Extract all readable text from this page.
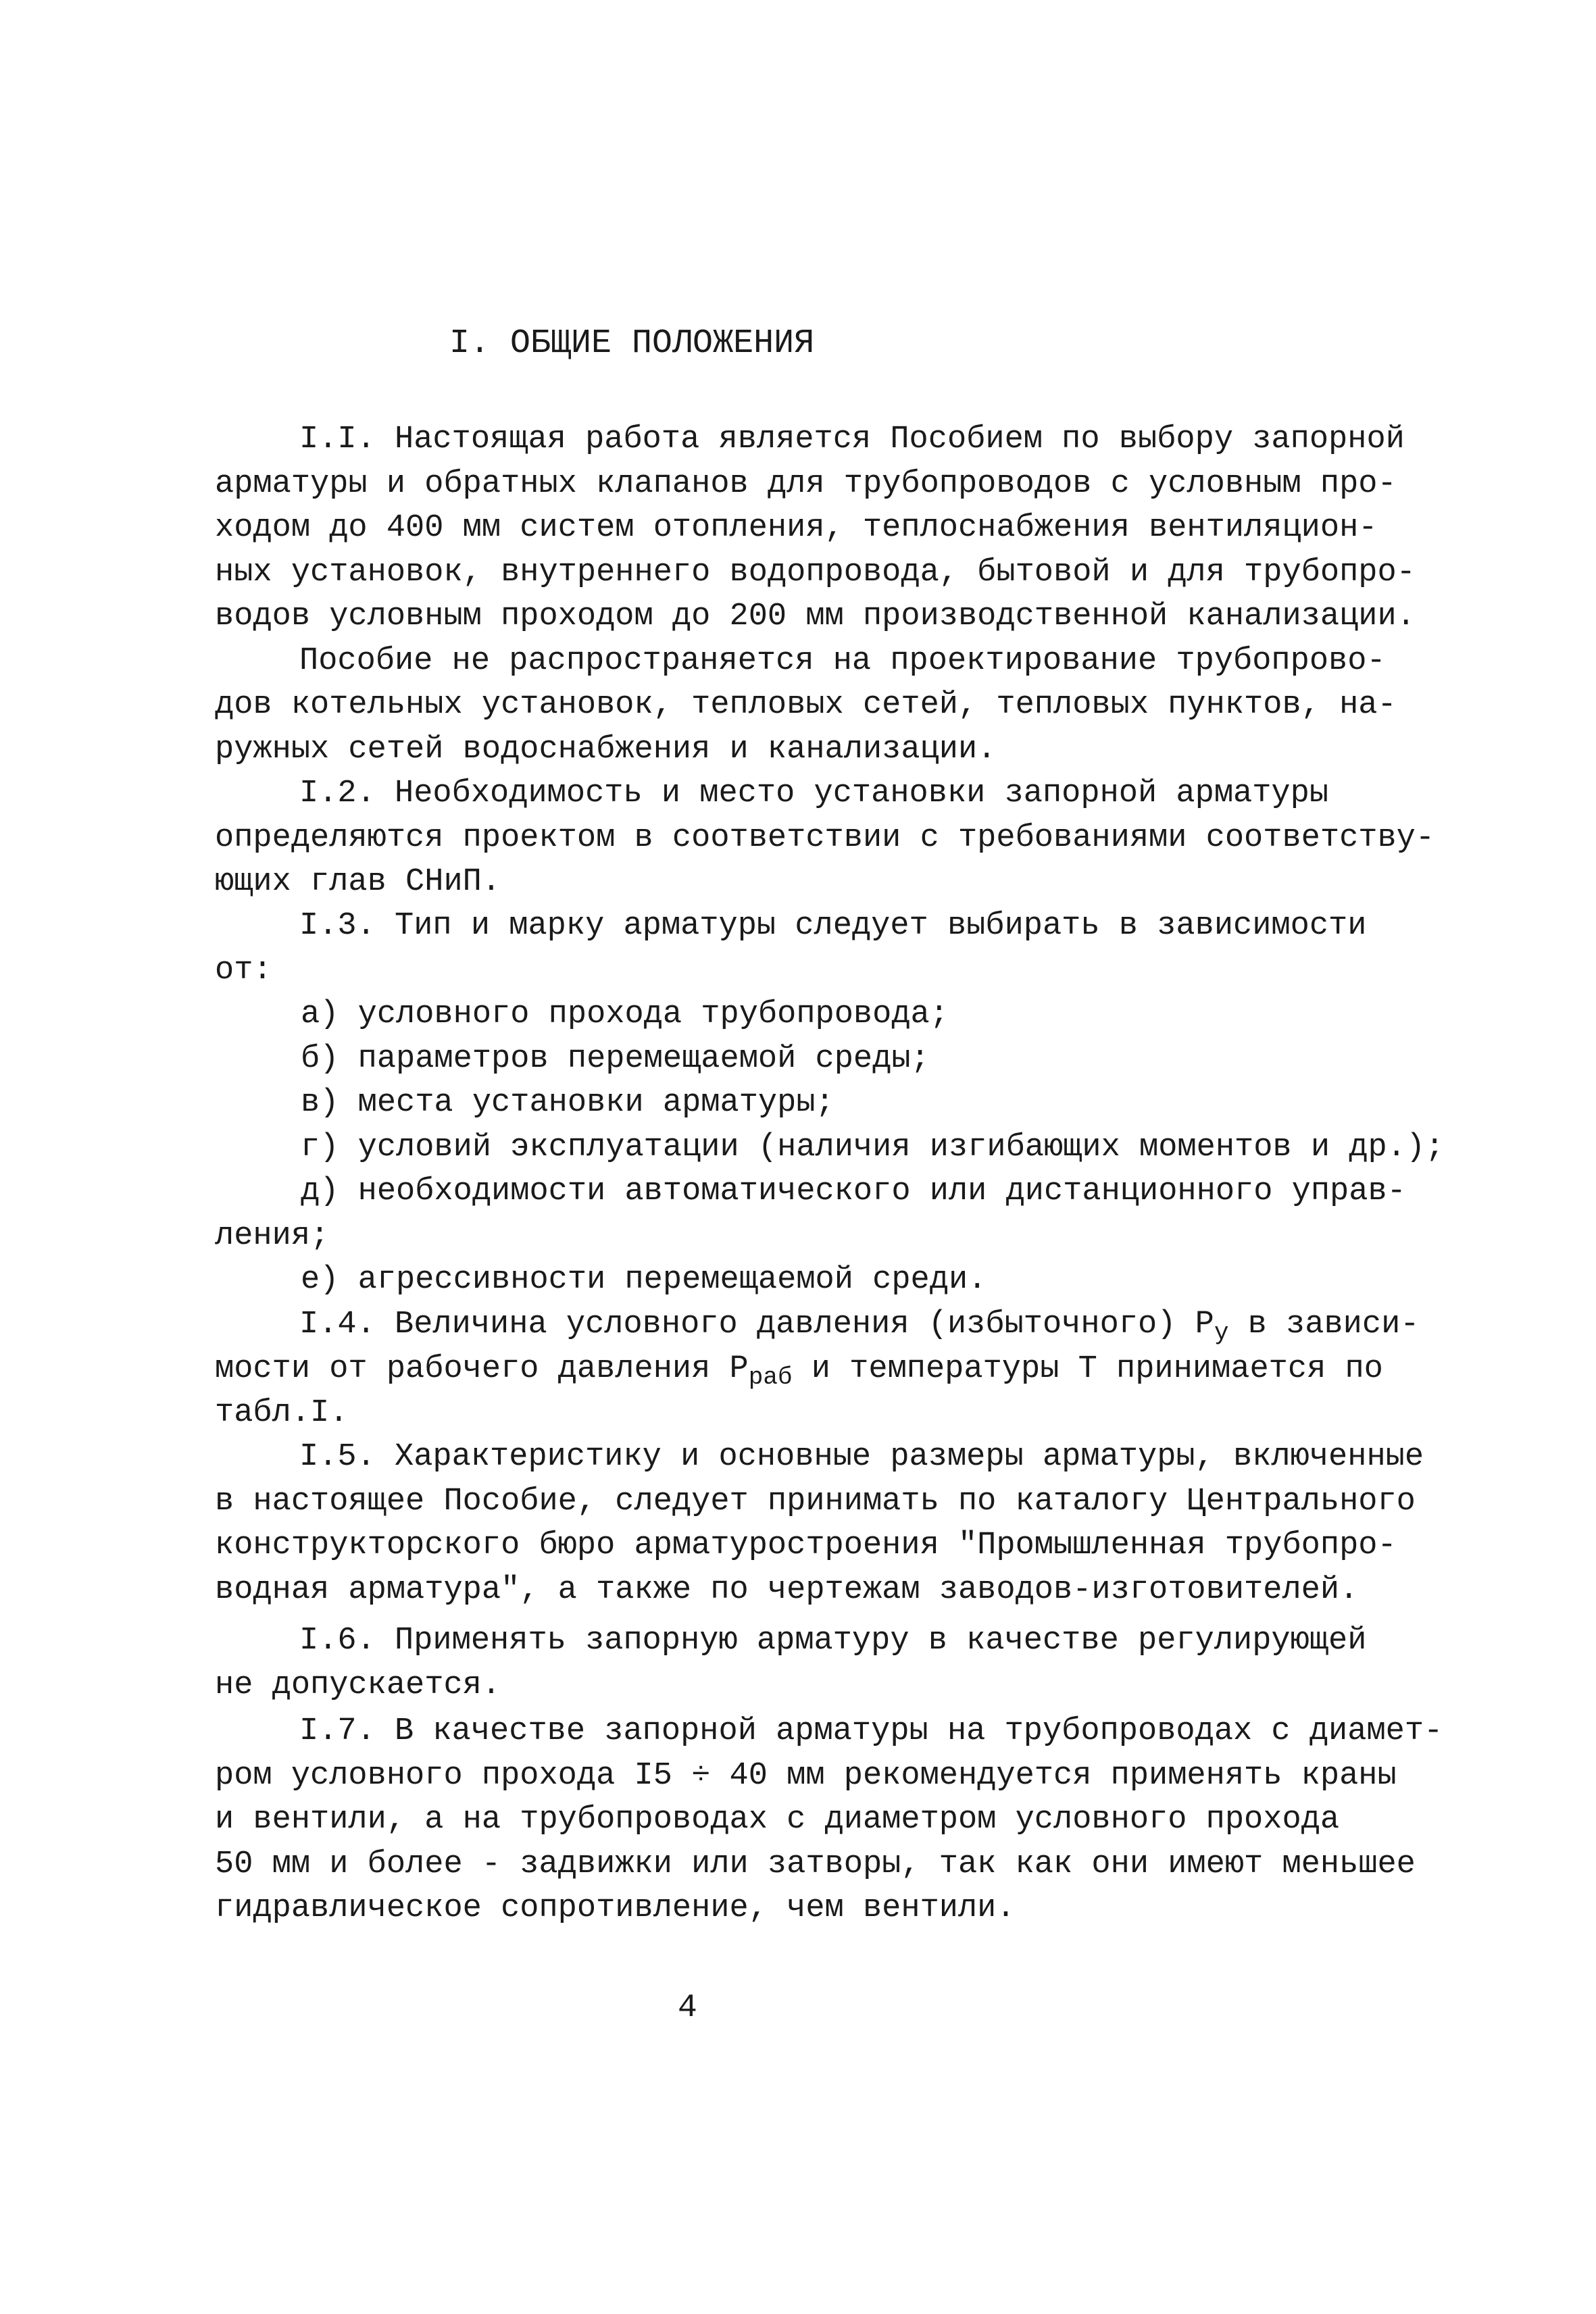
I. ОБЩИЕ ПОЛОЖЕНИЯ
I.I. Настоящая работа является Пособием по выбору запорной
арматуры и обратных клапанов для трубопроводов с условным про-
ходом до 400 мм систем отопления, теплоснабжения вентиляцион-
ных установок, внутреннего водопровода, бытовой и для трубопро-
водов условным проходом до 200 мм производственной канализации.
Пособие не распространяется на проектирование трубопрово-
дов котельных установок, тепловых сетей, тепловых пунктов, на-
ружных сетей водоснабжения и канализации.
I.2. Необходимость и место установки запорной арматуры
определяются проектом в соответствии с требованиями соответству-
ющих глав СНиП.
I.3. Тип и марку арматуры следует выбирать в зависимости
от:
а) условного прохода трубопровода;
б) параметров перемещаемой среды;
в) места установки арматуры;
г) условий эксплуатации (наличия изгибающих моментов и др.);
д) необходимости автоматического или дистанционного управ-
ления;
е) агрессивности перемещаемой среди.
I.4. Величина условного давления (избыточного) $P_у$ в зависи-
мости от рабочего давления $P_{раб}$ и температуры T принимается по
табл.I.
I.5. Характеристику и основные размеры арматуры, включенные
в настоящее Пособие, следует принимать по каталогу Центрального
конструкторского бюро арматуростроения "Промышленная трубопро-
водная арматура", а также по чертежам заводов-изготовителей.
I.6. Применять запорную арматуру в качестве регулирующей
не допускается.
I.7. В качестве запорной арматуры на трубопроводах с диамет-
ром условного прохода I5 ÷ 40 мм рекомендуется применять краны
и вентили, а на трубопроводах с диаметром условного прохода
50 мм и более - задвижки или затворы, так как они имеют меньшее
гидравлическое сопротивление, чем вентили.
4
